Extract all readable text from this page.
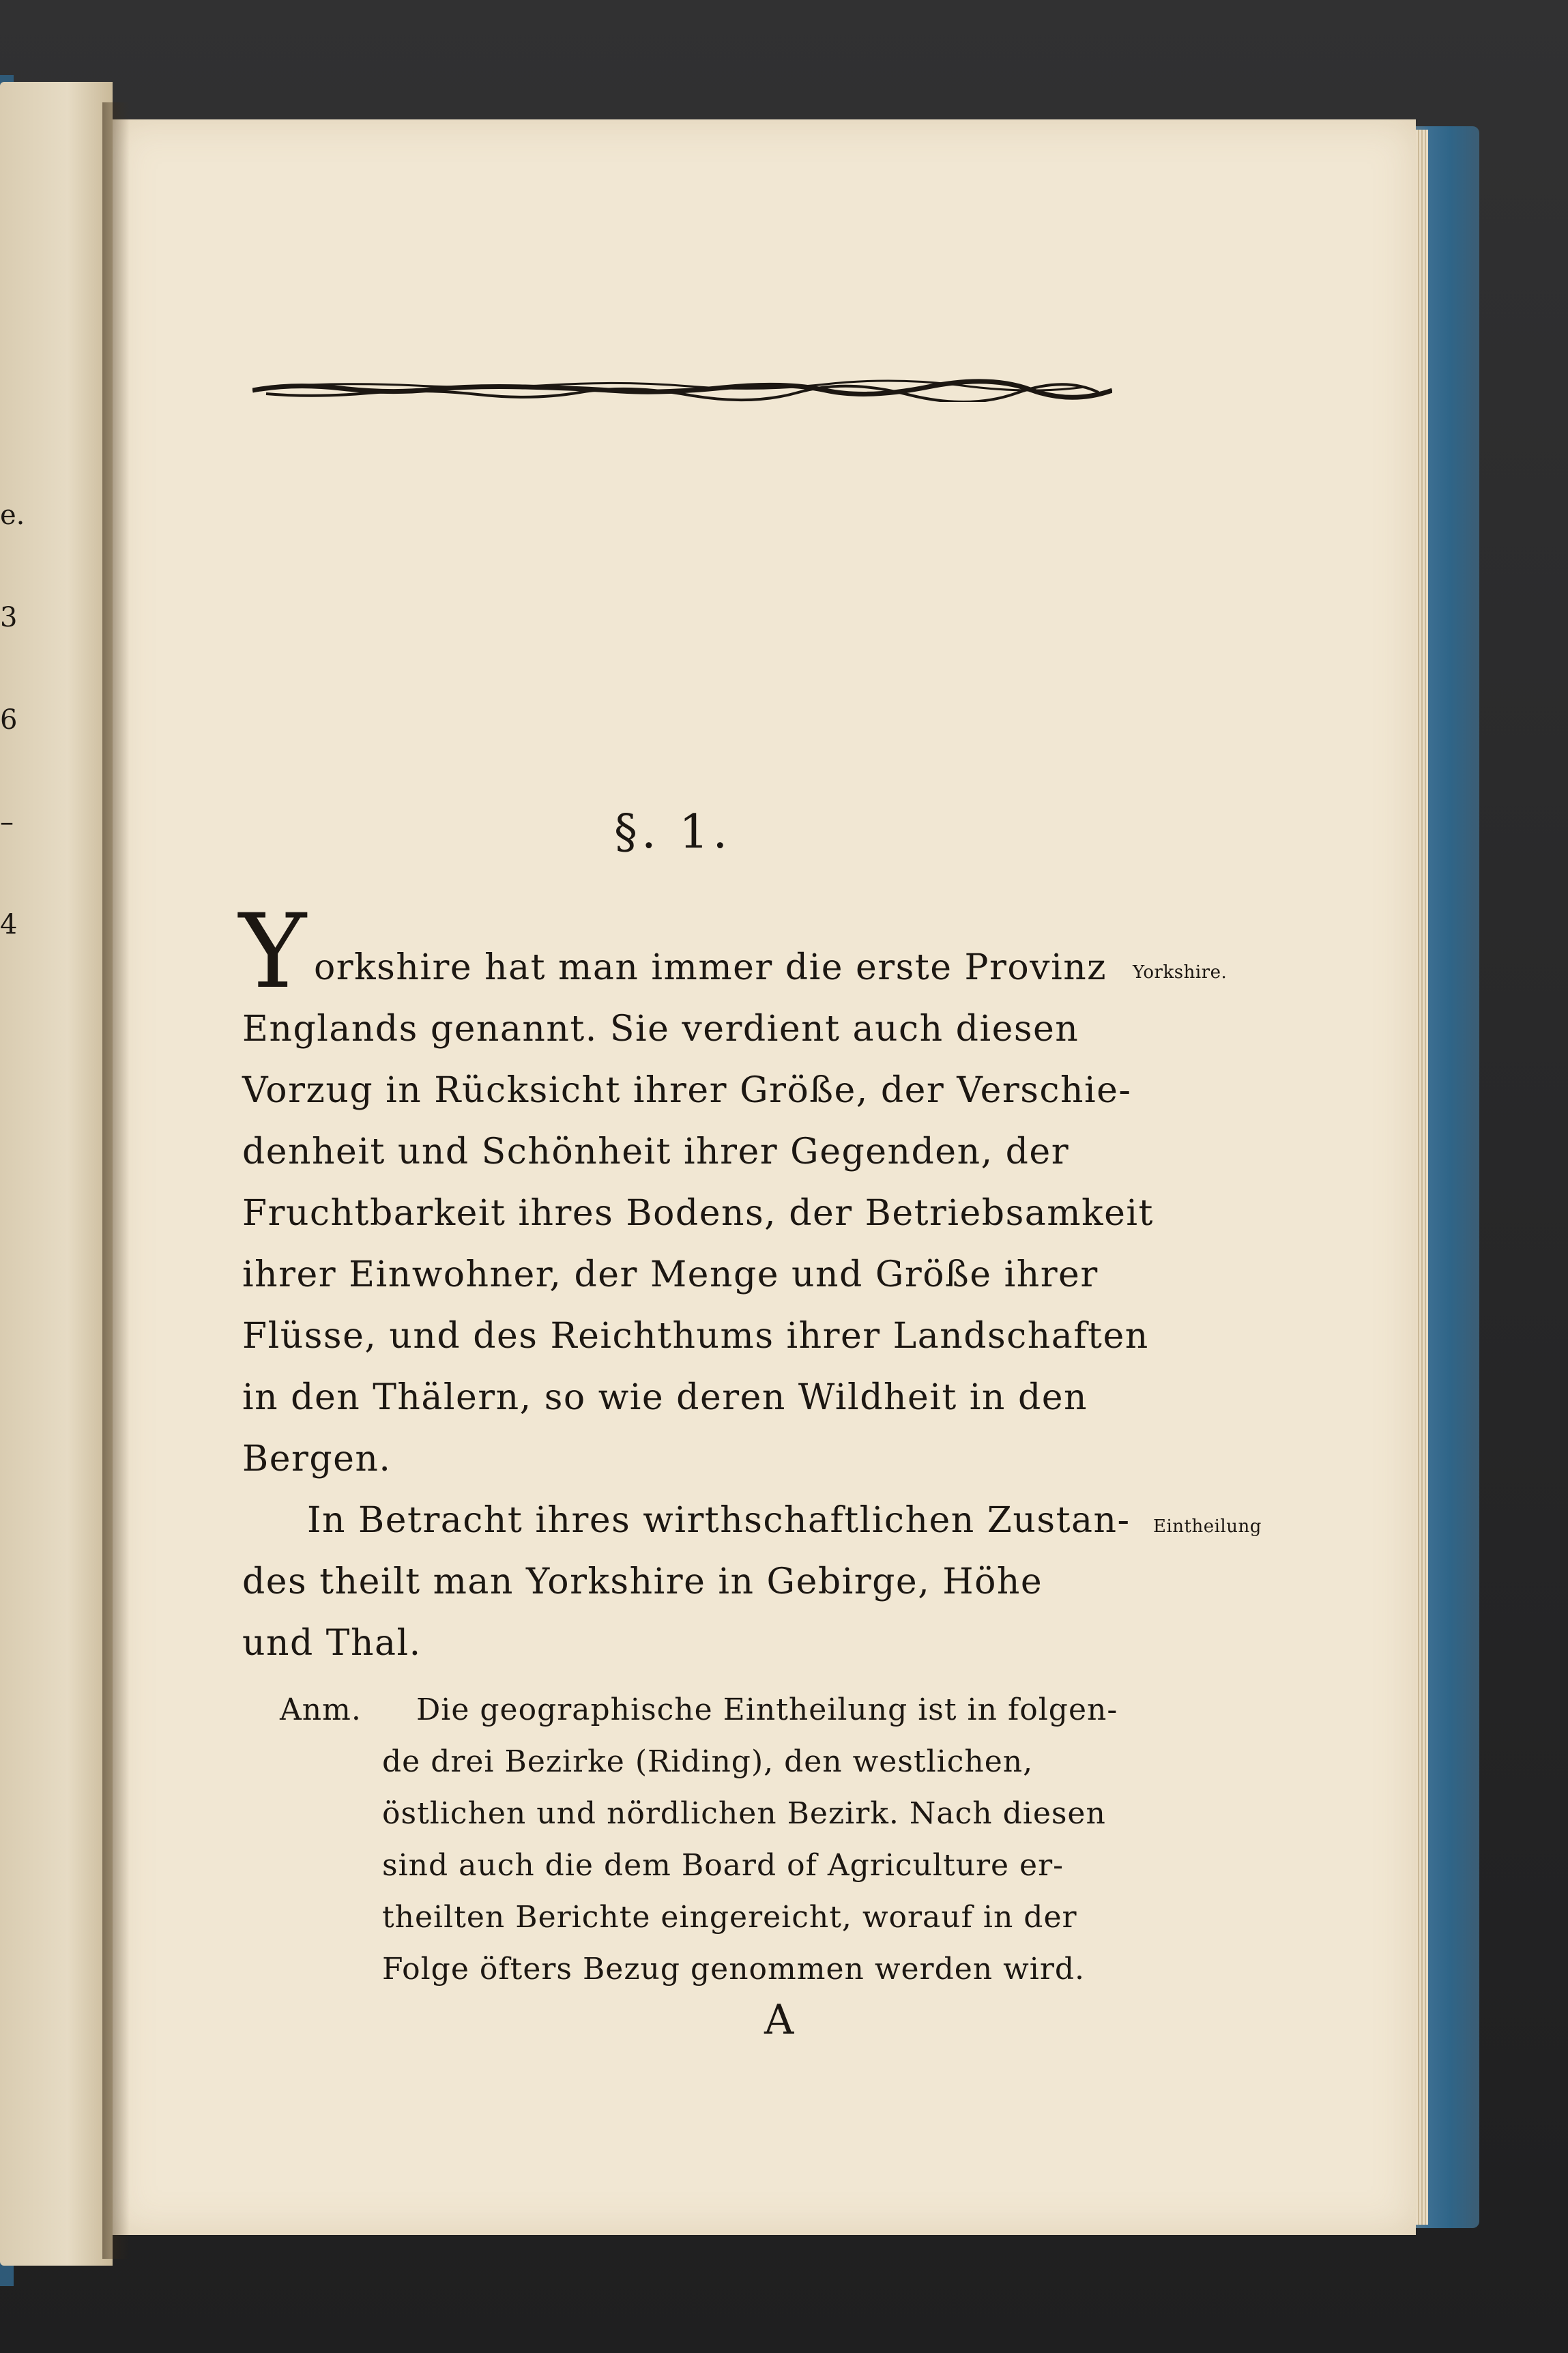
e.
3
6
–
4
§. 1.
Y orkshire hat man immer die erste Provinz Yorkshire.
Englands genannt. Sie verdient auch diesen
Vorzug in Rücksicht ihrer Größe, der Verschie-
denheit und Schönheit ihrer Gegenden, der
Fruchtbarkeit ihres Bodens, der Betriebsamkeit
ihrer Einwohner, der Menge und Größe ihrer
Flüsse, und des Reichthums ihrer Landschaften
in den Thälern, so wie deren Wildheit in den
Bergen.
In Betracht ihres wirthschaftlichen Zustan- Eintheilung
des theilt man Yorkshire in Gebirge, Höhe
und Thal.
Anm. Die geographische Eintheilung ist in folgen-
de drei Bezirke (Riding), den westlichen,
östlichen und nördlichen Bezirk. Nach diesen
sind auch die dem Board of Agriculture er-
theilten Berichte eingereicht, worauf in der
Folge öfters Bezug genommen werden wird.
A
